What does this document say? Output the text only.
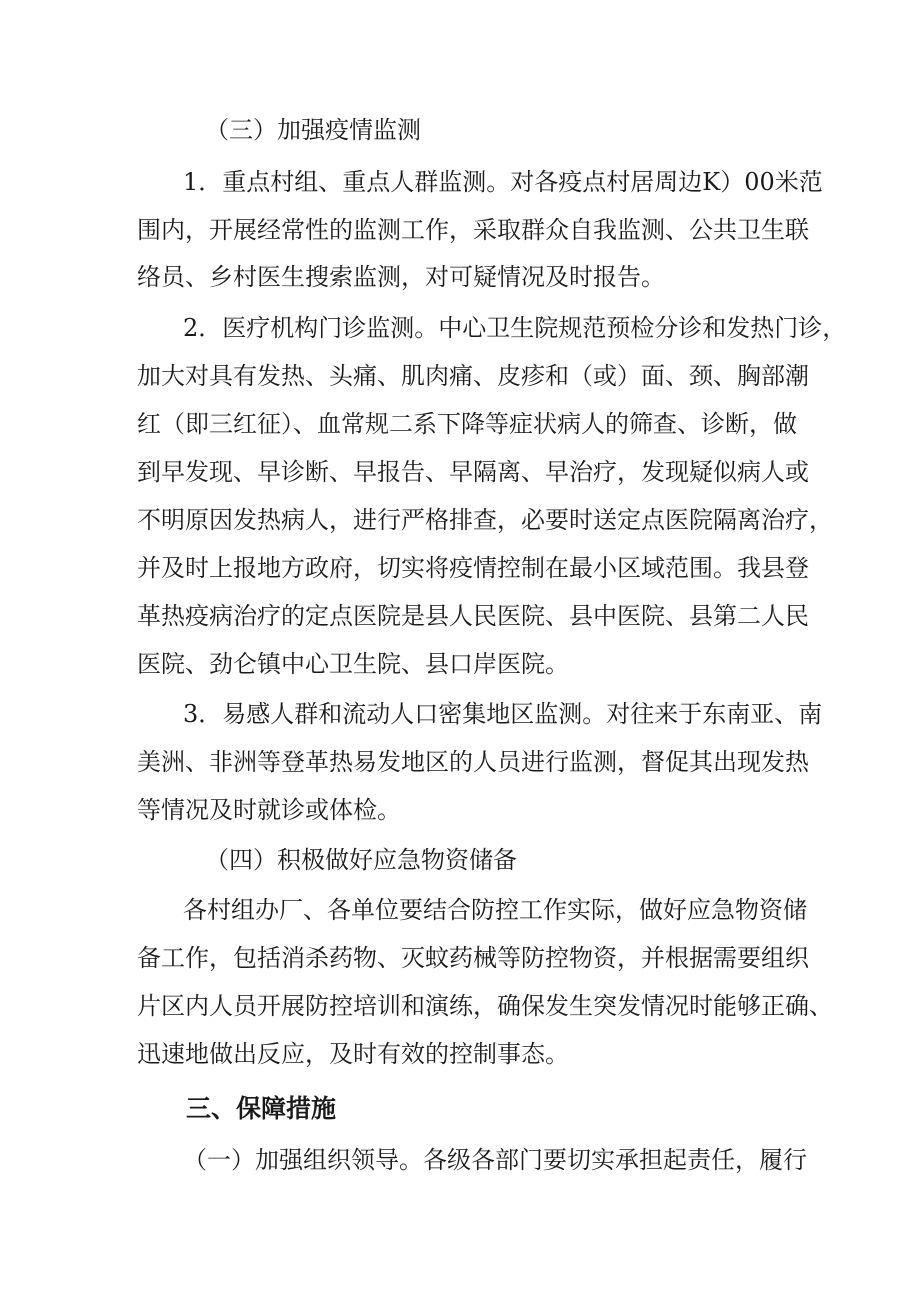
（三）加强疫情监测
1．重点村组、重点人群监测。对各疫点村居周边K）00米范
围内，开展经常性的监测工作，采取群众自我监测、公共卫生联
络员、乡村医生搜索监测，对可疑情况及时报告。
2．医疗机构门诊监测。中心卫生院规范预检分诊和发热门诊，
加大对具有发热、头痛、肌肉痛、皮疹和（或）面、颈、胸部潮
红（即三红征）、血常规二系下降等症状病人的筛查、诊断，做
到早发现、早诊断、早报告、早隔离、早治疗，发现疑似病人或
不明原因发热病人，进行严格排查，必要时送定点医院隔离治疗，
并及时上报地方政府，切实将疫情控制在最小区域范围。我县登
革热疫病治疗的定点医院是县人民医院、县中医院、县第二人民
医院、劲仑镇中心卫生院、县口岸医院。
3．易感人群和流动人口密集地区监测。对往来于东南亚、南
美洲、非洲等登革热易发地区的人员进行监测，督促其出现发热
等情况及时就诊或体检。
（四）积极做好应急物资储备
各村组办厂、各单位要结合防控工作实际，做好应急物资储
备工作，包括消杀药物、灭蚊药械等防控物资，并根据需要组织
片区内人员开展防控培训和演练，确保发生突发情况时能够正确、
迅速地做出反应，及时有效的控制事态。
三、保障措施
（一）加强组织领导。各级各部门要切实承担起责任，履行
